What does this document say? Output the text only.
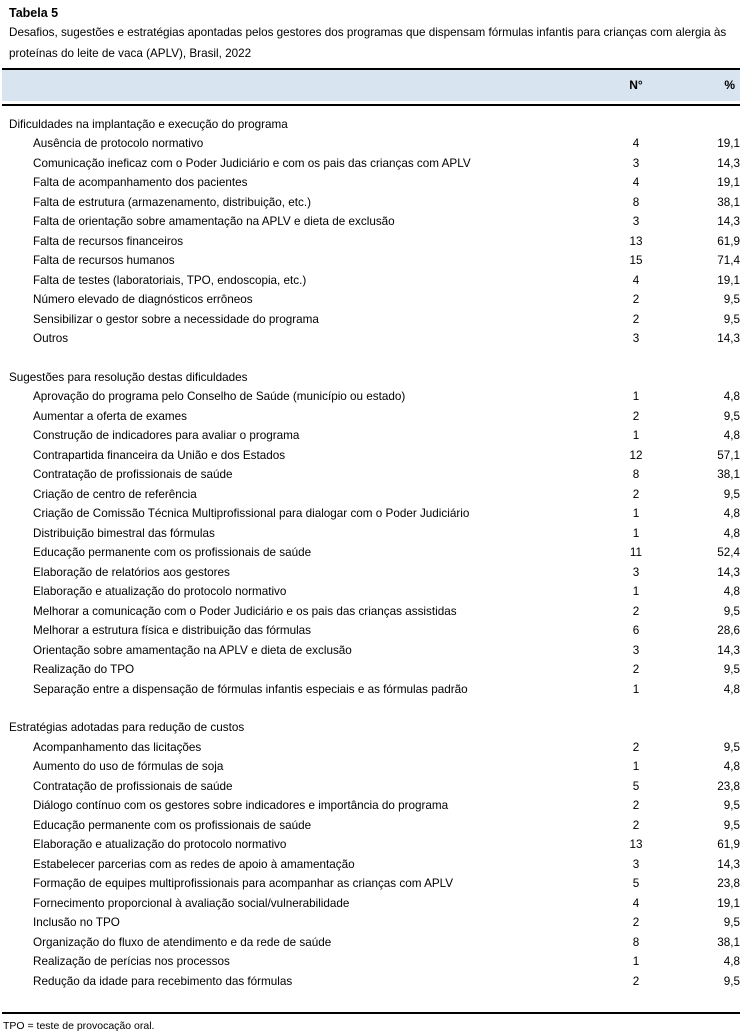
Tabela 5
Desafios, sugestões e estratégias apontadas pelos gestores dos programas que dispensam fórmulas infantis para crianças com alergia às proteínas do leite de vaca (APLV), Brasil, 2022
N°	%
Dificuldades na implantação e execução do programa
Ausência de protocolo normativo	4	19,1
Comunicação ineficaz com o Poder Judiciário e com os pais das crianças com APLV	3	14,3
Falta de acompanhamento dos pacientes	4	19,1
Falta de estrutura (armazenamento, distribuição, etc.)	8	38,1
Falta de orientação sobre amamentação na APLV e dieta de exclusão	3	14,3
Falta de recursos financeiros	13	61,9
Falta de recursos humanos	15	71,4
Falta de testes (laboratoriais, TPO, endoscopia, etc.)	4	19,1
Número elevado de diagnósticos errôneos	2	9,5
Sensibilizar o gestor sobre a necessidade do programa	2	9,5
Outros	3	14,3
Sugestões para resolução destas dificuldades
Aprovação do programa pelo Conselho de Saúde (município ou estado)	1	4,8
Aumentar a oferta de exames	2	9,5
Construção de indicadores para avaliar o programa	1	4,8
Contrapartida financeira da União e dos Estados	12	57,1
Contratação de profissionais de saúde	8	38,1
Criação de centro de referência	2	9,5
Criação de Comissão Técnica Multiprofissional para dialogar com o Poder Judiciário	1	4,8
Distribuição bimestral das fórmulas	1	4,8
Educação permanente com os profissionais de saúde	11	52,4
Elaboração de relatórios aos gestores	3	14,3
Elaboração e atualização do protocolo normativo	1	4,8
Melhorar a comunicação com o Poder Judiciário e os pais das crianças assistidas	2	9,5
Melhorar a estrutura física e distribuição das fórmulas	6	28,6
Orientação sobre amamentação na APLV e dieta de exclusão	3	14,3
Realização do TPO	2	9,5
Separação entre a dispensação de fórmulas infantis especiais e as fórmulas padrão	1	4,8
Estratégias adotadas para redução de custos
Acompanhamento das licitações	2	9,5
Aumento do uso de fórmulas de soja	1	4,8
Contratação de profissionais de saúde	5	23,8
Diálogo contínuo com os gestores sobre indicadores e importância do programa	2	9,5
Educação permanente com os profissionais de saúde	2	9,5
Elaboração e atualização do protocolo normativo	13	61,9
Estabelecer parcerias com as redes de apoio à amamentação	3	14,3
Formação de equipes multiprofissionais para acompanhar as crianças com APLV	5	23,8
Fornecimento proporcional à avaliação social/vulnerabilidade	4	19,1
Inclusão no TPO	2	9,5
Organização do fluxo de atendimento e da rede de saúde	8	38,1
Realização de perícias nos processos	1	4,8
Redução da idade para recebimento das fórmulas	2	9,5
TPO = teste de provocação oral.
